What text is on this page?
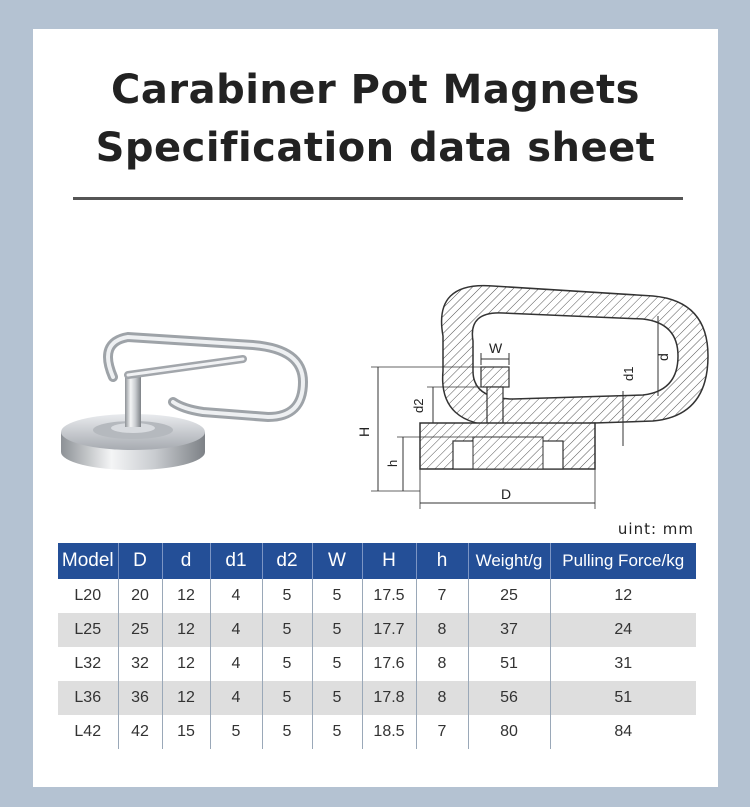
Carabiner Pot Magnets
Specification data sheet
W
d
d1
d2
H
h
D
uint: mm
Model	D	d	d1	d2	W	H	h	Weight/g	Pulling Force/kg
L20	20	12	4	5	5	17.5	7	25	12
L25	25	12	4	5	5	17.7	8	37	24
L32	32	12	4	5	5	17.6	8	51	31
L36	36	12	4	5	5	17.8	8	56	51
L42	42	15	5	5	5	18.5	7	80	84
